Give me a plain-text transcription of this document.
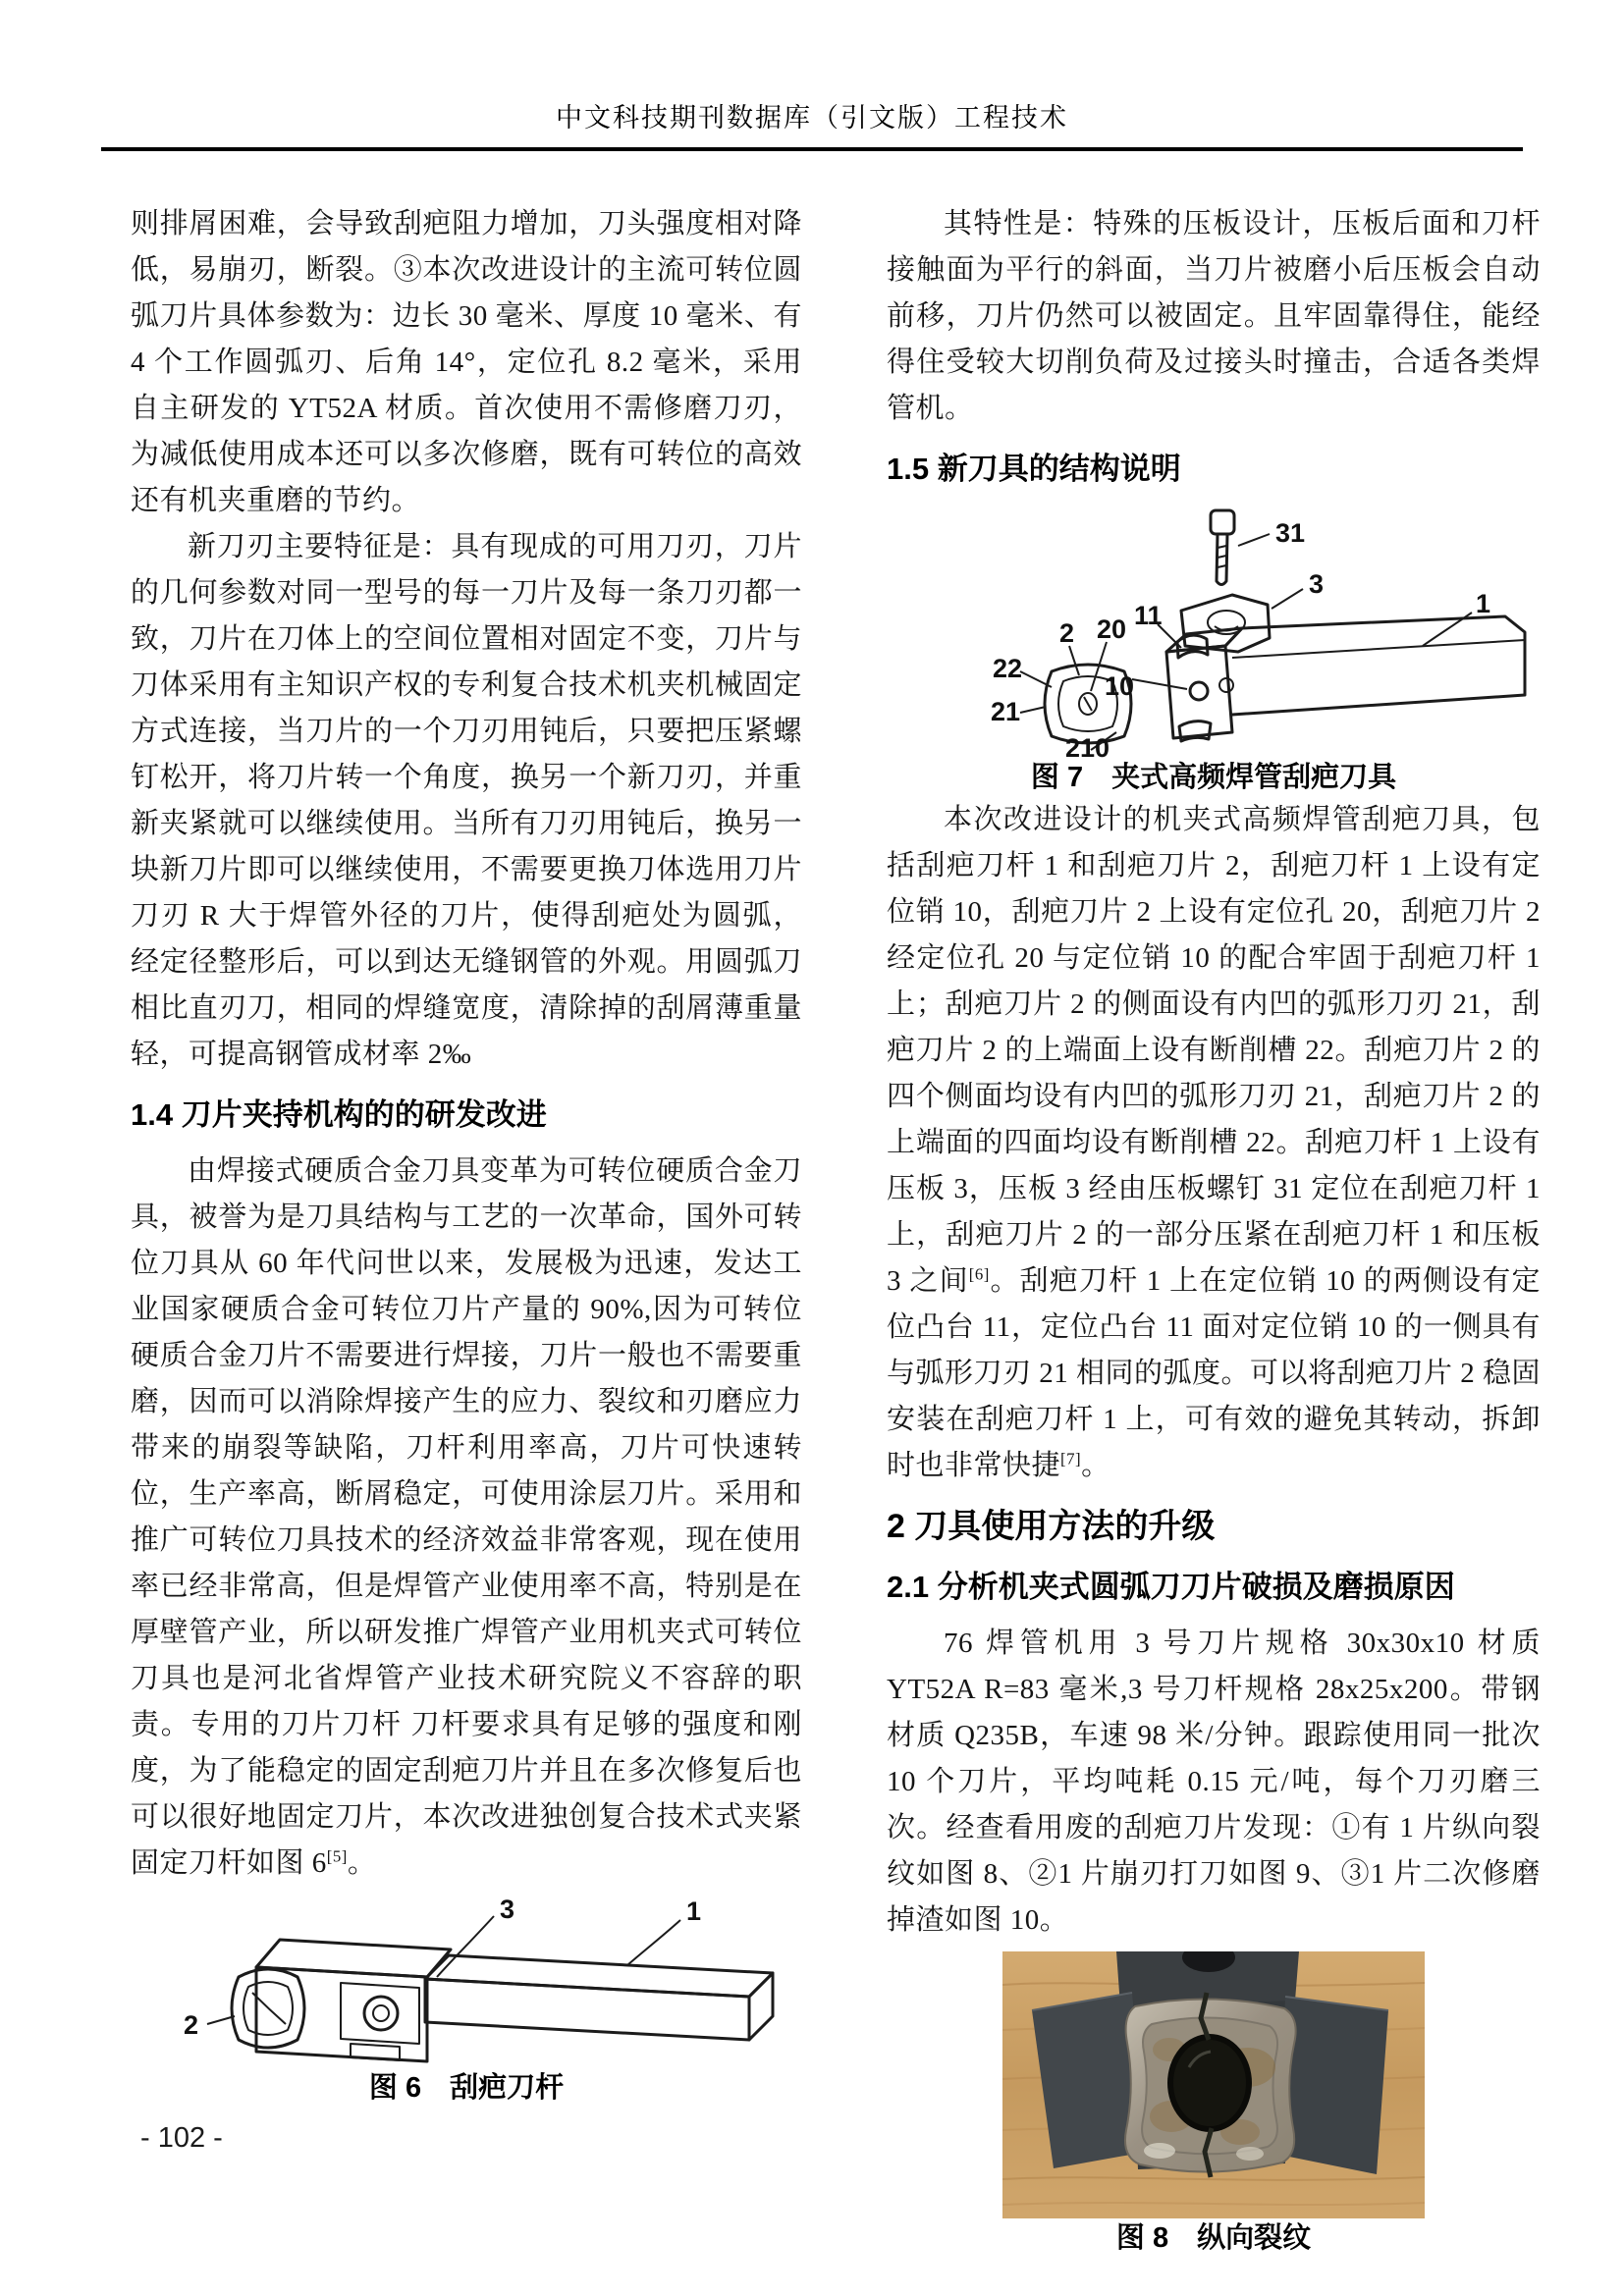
中文科技期刊数据库（引文版）工程技术

则排屑困难，会导致刮疤阻力增加，刀头强度相对降低，易崩刃，断裂。③本次改进设计的主流可转位圆弧刀片具体参数为：边长 30 毫米、厚度 10 毫米、有 4 个工作圆弧刃、后角 14°，定位孔 8.2 毫米，采用自主研发的 YT52A 材质。首次使用不需修磨刀刃，为减低使用成本还可以多次修磨，既有可转位的高效还有机夹重磨的节约。

新刀刃主要特征是：具有现成的可用刀刃，刀片的几何参数对同一型号的每一刀片及每一条刀刃都一致，刀片在刀体上的空间位置相对固定不变，刀片与刀体采用有主知识产权的专利复合技术机夹机械固定方式连接，当刀片的一个刀刃用钝后，只要把压紧螺钉松开，将刀片转一个角度，换另一个新刀刃，并重新夹紧就可以继续使用。当所有刀刃用钝后，换另一块新刀片即可以继续使用，不需要更换刀体选用刀片刀刃 R 大于焊管外径的刀片，使得刮疤处为圆弧，经定径整形后，可以到达无缝钢管的外观。用圆弧刀相比直刃刀，相同的焊缝宽度，清除掉的刮屑薄重量轻，可提高钢管成材率 2‰

1.4 刀片夹持机构的的研发改进

由焊接式硬质合金刀具变革为可转位硬质合金刀具，被誉为是刀具结构与工艺的一次革命，国外可转位刀具从 60 年代问世以来，发展极为迅速，发达工业国家硬质合金可转位刀片产量的 90%,因为可转位硬质合金刀片不需要进行焊接，刀片一般也不需要重磨，因而可以消除焊接产生的应力、裂纹和刃磨应力带来的崩裂等缺陷，刀杆利用率高，刀片可快速转位，生产率高，断屑稳定，可使用涂层刀片。采用和推广可转位刀具技术的经济效益非常客观，现在使用率已经非常高，但是焊管产业使用率不高，特别是在厚壁管产业，所以研发推广焊管产业用机夹式可转位刀具也是河北省焊管产业技术研究院义不容辞的职责。专用的刀片刀杆 刀杆要求具有足够的强度和刚度，为了能稳定的固定刮疤刀片并且在多次修复后也可以很好地固定刀片，本次改进独创复合技术式夹紧固定刀杆如图 6[5]。

3	1
2
图 6　刮疤刀杆

其特性是：特殊的压板设计，压板后面和刀杆接触面为平行的斜面，当刀片被磨小后压板会自动前移，刀片仍然可以被固定。且牢固靠得住，能经得住受较大切削负荷及过接头时撞击，合适各类焊管机。

1.5 新刀具的结构说明
31
3
11	1
2 20
22
10
21
210
图 7　夹式高频焊管刮疤刀具

本次改进设计的机夹式高频焊管刮疤刀具，包括刮疤刀杆 1 和刮疤刀片 2，刮疤刀杆 1 上设有定位销 10，刮疤刀片 2 上设有定位孔 20，刮疤刀片 2 经定位孔 20 与定位销 10 的配合牢固于刮疤刀杆 1 上；刮疤刀片 2 的侧面设有内凹的弧形刀刃 21，刮疤刀片 2 的上端面上设有断削槽 22。刮疤刀片 2 的四个侧面均设有内凹的弧形刀刃 21，刮疤刀片 2 的上端面的四面均设有断削槽 22。刮疤刀杆 1 上设有压板 3，压板 3 经由压板螺钉 31 定位在刮疤刀杆 1 上，刮疤刀片 2 的一部分压紧在刮疤刀杆 1 和压板 3 之间[6]。刮疤刀杆 1 上在定位销 10 的两侧设有定位凸台 11，定位凸台 11 面对定位销 10 的一侧具有与弧形刀刃 21 相同的弧度。可以将刮疤刀片 2 稳固安装在刮疤刀杆 1 上，可有效的避免其转动，拆卸时也非常快捷[7]。

2 刀具使用方法的升级
2.1 分析机夹式圆弧刀刀片破损及磨损原因

76 焊管机用 3 号刀片规格 30x30x10 材质 YT52A R=83 毫米,3 号刀杆规格 28x25x200。带钢材质 Q235B，车速 98 米/分钟。跟踪使用同一批次 10 个刀片，平均吨耗 0.15 元/吨，每个刀刃磨三次。经查看用废的刮疤刀片发现：①有 1 片纵向裂纹如图 8、②1 片崩刃打刀如图 9、③1 片二次修磨掉渣如图 10。

图 8　纵向裂纹
- 102 -
